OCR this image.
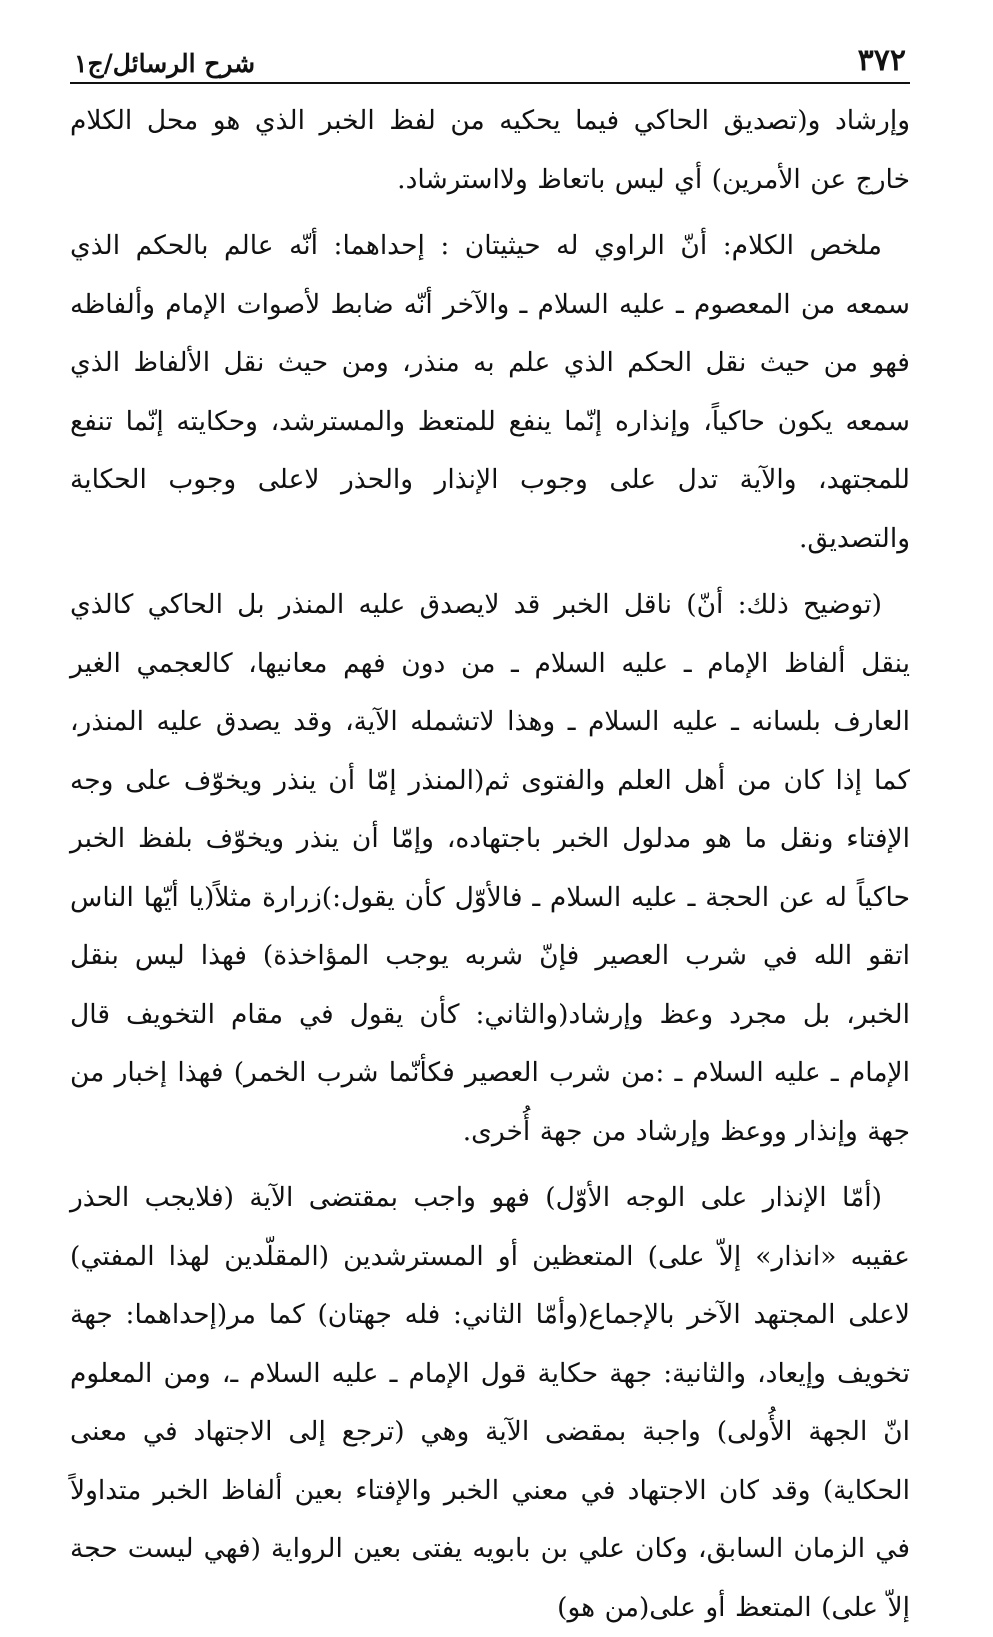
٣٧٢
شرح الرسائل/ج١

وإرشاد و(تصديق الحاكي فيما يحكيه من لفظ الخبر الذي هو محل الكلام خارج عن الأمرين) أي ليس باتعاظ ولااسترشاد.

ملخص الكلام: أنّ الراوي له حيثيتان : إحداهما: أنّه عالم بالحكم الذي سمعه من المعصوم ـ عليه السلام ـ والآخر أنّه ضابط لأصوات الإمام وألفاظه فهو من حيث نقل الحكم الذي علم به منذر، ومن حيث نقل الألفاظ الذي سمعه يكون حاكياً، وإنذاره إنّما ينفع للمتعظ والمسترشد، وحكايته إنّما تنفع للمجتهد، والآية تدل على وجوب الإنذار والحذر لاعلى وجوب الحكاية والتصديق.

(توضيح ذلك: أنّ) ناقل الخبر قد لايصدق عليه المنذر بل الحاكي كالذي ينقل ألفاظ الإمام ـ عليه السلام ـ من دون فهم معانيها، كالعجمي الغير العارف بلسانه ـ عليه السلام ـ وهذا لاتشمله الآية، وقد يصدق عليه المنذر، كما إذا كان من أهل العلم والفتوى ثم(المنذر إمّا أن ينذر ويخوّف على وجه الإفتاء ونقل ما هو مدلول الخبر باجتهاده، وإمّا أن ينذر ويخوّف بلفظ الخبر حاكياً له عن الحجة ـ عليه السلام ـ فالأوّل كأن يقول:)زرارة مثلاً(يا أيّها الناس اتقو الله في شرب العصير فإنّ شربه يوجب المؤاخذة) فهذا ليس بنقل الخبر، بل مجرد وعظ وإرشاد(والثاني: كأن يقول في مقام التخويف قال الإمام ـ عليه السلام ـ :من شرب العصير فكأنّما شرب الخمر) فهذا إخبار من جهة وإنذار ووعظ وإرشاد من جهة أُخرى.

(أمّا الإنذار على الوجه الأوّل) فهو واجب بمقتضى الآية (فلايجب الحذر عقيبه «انذار» إلاّ على) المتعظين أو المسترشدين (المقلّدين لهذا المفتي) لاعلى المجتهد الآخر بالإجماع(وأمّا الثاني: فله جهتان) كما مر(إحداهما: جهة تخويف وإيعاد، والثانية: جهة حكاية قول الإمام ـ عليه السلام ـ، ومن المعلوم انّ الجهة الأُولى) واجبة بمقضى الآية وهي (ترجع إلى الاجتهاد في معنى الحكاية) وقد كان الاجتهاد في معني الخبر والإفتاء بعين ألفاظ الخبر متداولاً في الزمان السابق، وكان علي بن بابويه يفتى بعين الرواية (فهي ليست حجة إلاّ على) المتعظ أو على(من هو)
